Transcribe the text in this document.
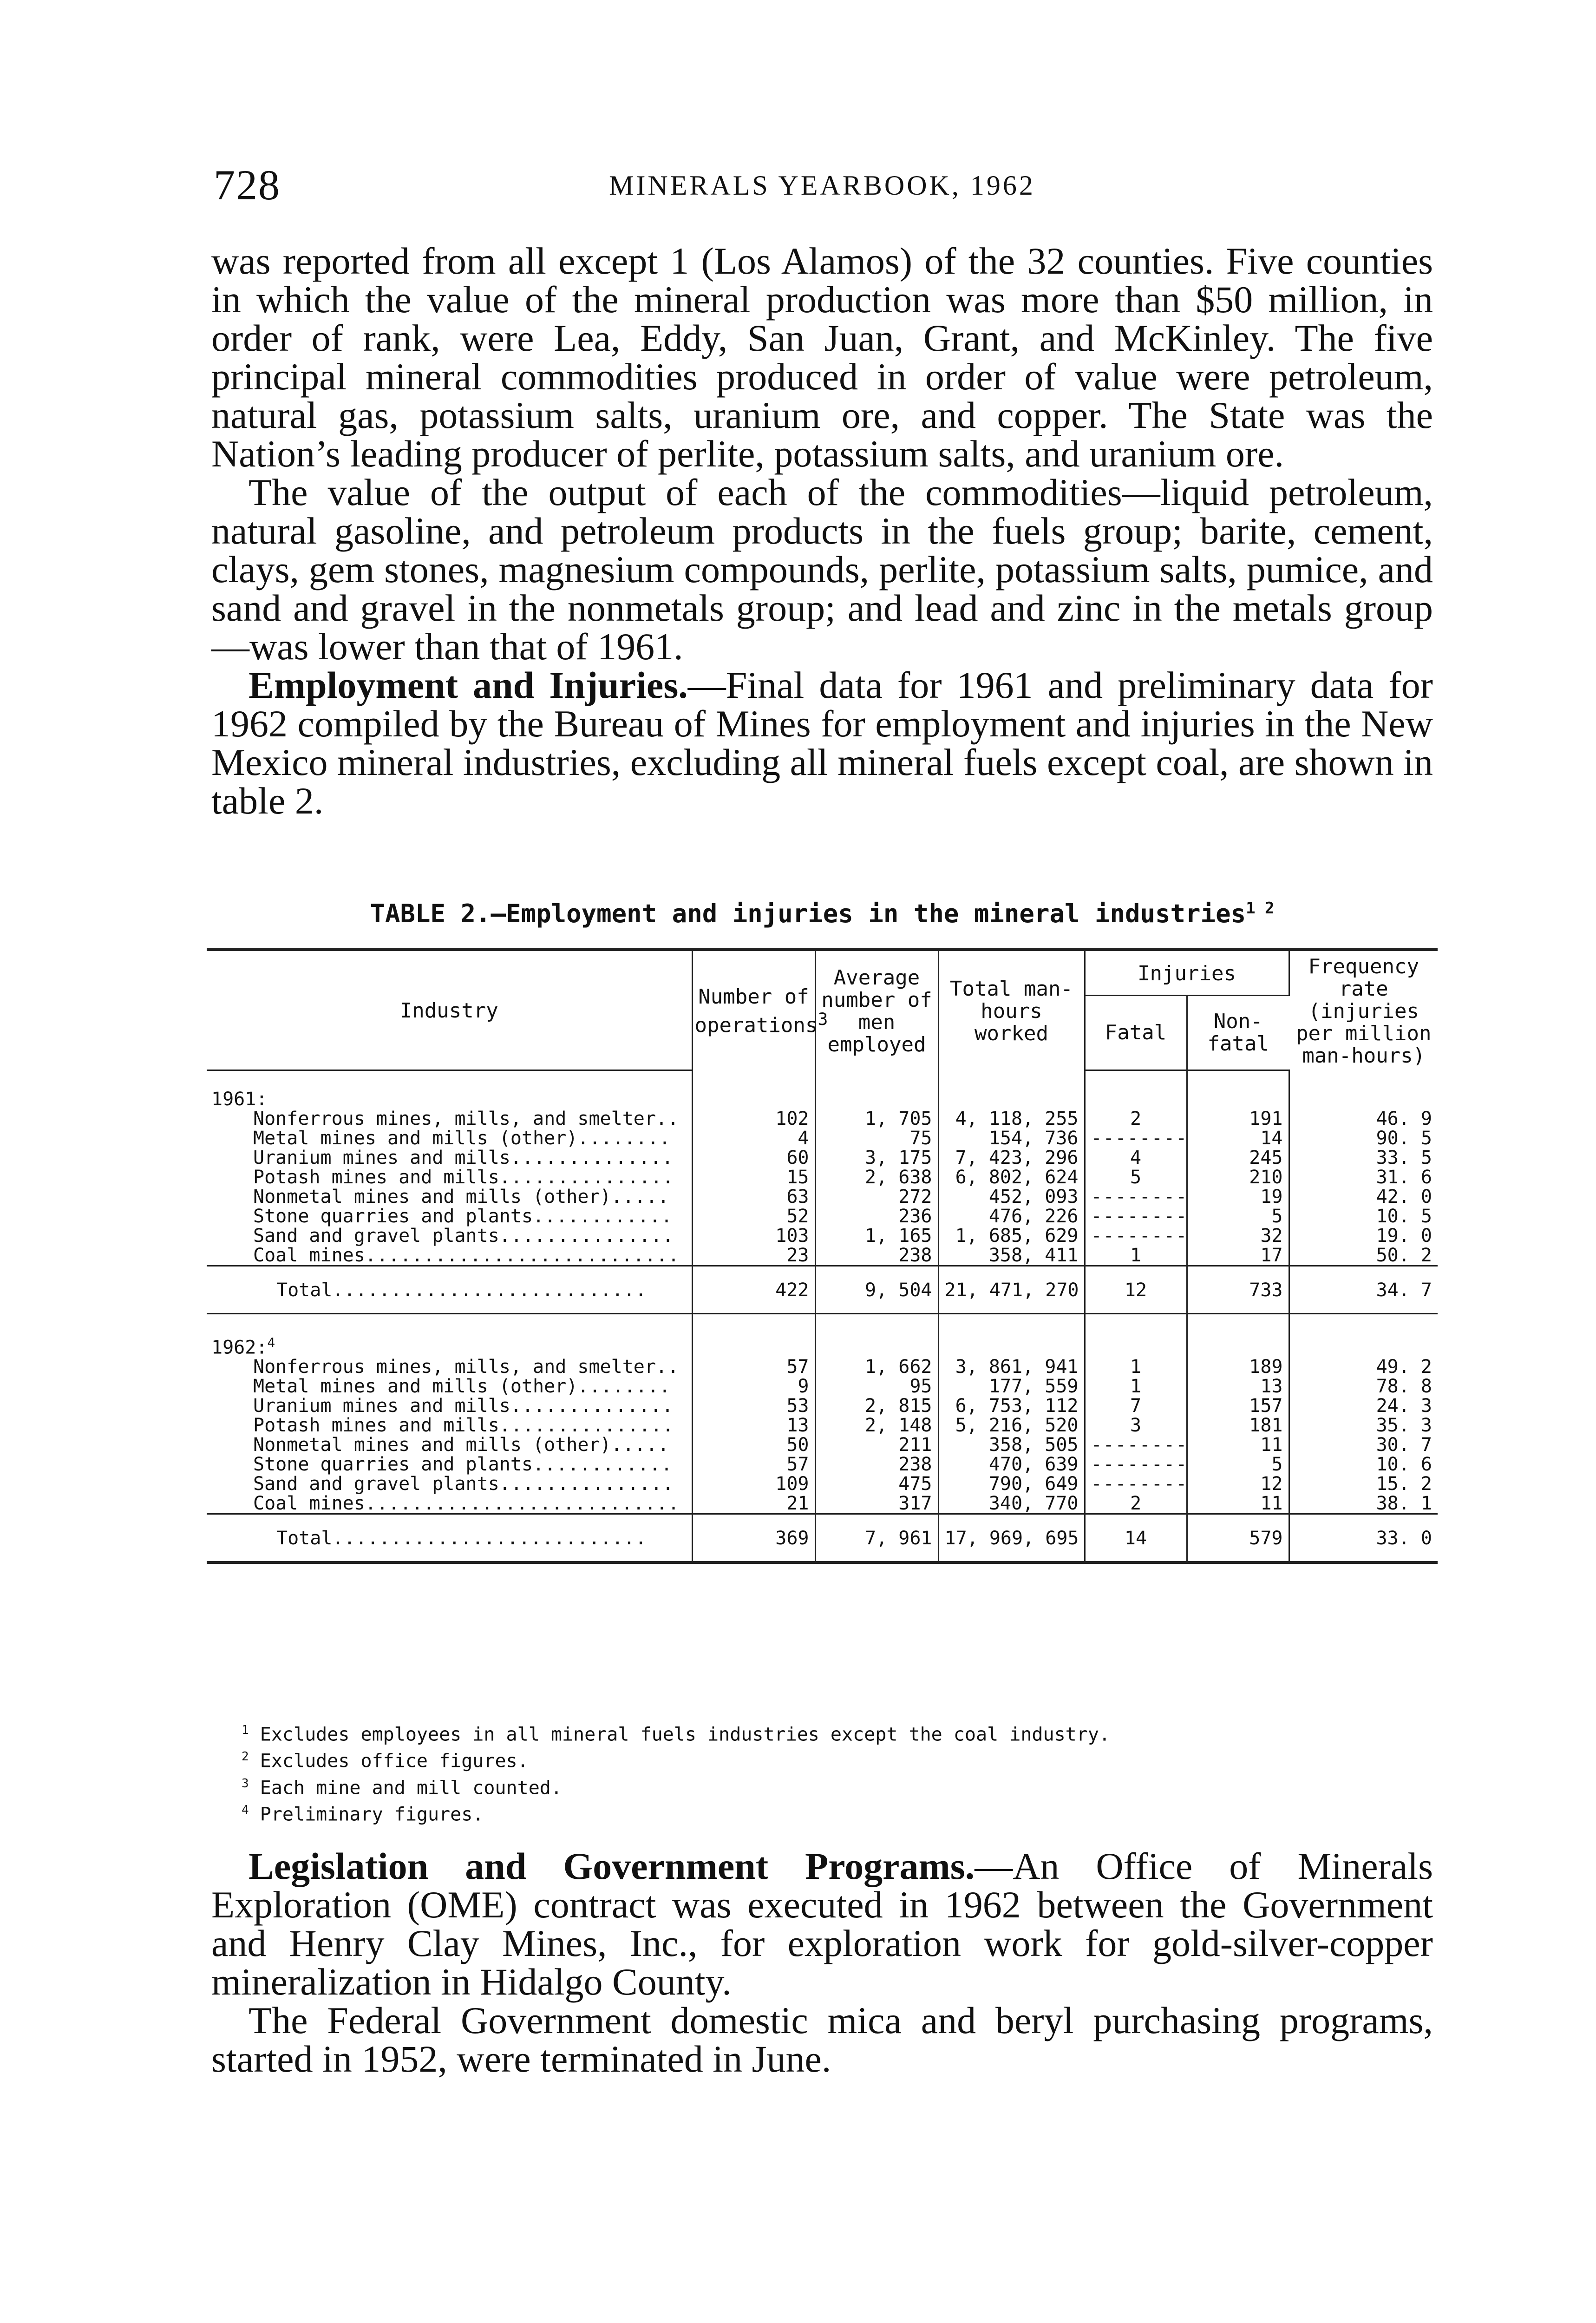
728	MINERALS YEARBOOK, 1962

was reported from all except 1 (Los Alamos) of the 32 counties. Five counties in which the value of the mineral production was more than $50 million, in order of rank, were Lea, Eddy, San Juan, Grant, and McKinley. The five principal mineral commodities produced in order of value were petroleum, natural gas, potassium salts, uranium ore, and copper. The State was the Nation’s leading producer of perlite, potassium salts, and uranium ore.

The value of the output of each of the commodities—liquid petroleum, natural gasoline, and petroleum products in the fuels group; barite, cement, clays, gem stones, magnesium compounds, perlite, potassium salts, pumice, and sand and gravel in the nonmetals group; and lead and zinc in the metals group—was lower than that of 1961.

Employment and Injuries.—Final data for 1961 and preliminary data for 1962 compiled by the Bureau of Mines for employment and injuries in the New Mexico mineral industries, excluding all mineral fuels except coal, are shown in table 2.

TABLE 2.—Employment and injuries in the mineral industries$^{1 2}$
Industry	Number of operations$^3$	Average number of men employed	Total man-hours worked	Injuries		Frequency rate (injuries per million man-hours)
				Fatal	Non-fatal	

1961:						
Nonferrous mines, mills, and smelter..	102	1, 705	4, 118, 255	2	191	46. 9
Metal mines and mills (other)........	4	75	154, 736	--------	14	90. 5
Uranium mines and mills..............	60	3, 175	7, 423, 296	4	245	33. 5
Potash mines and mills...............	15	2, 638	6, 802, 624	5	210	31. 6
Nonmetal mines and mills (other).....	63	272	452, 093	--------	19	42. 0
Stone quarries and plants............	52	236	476, 226	--------	5	10. 5
Sand and gravel plants...............	103	1, 165	1, 685, 629	--------	32	19. 0
Coal mines...........................	23	238	358, 411	1	17	50. 2
Total...........................	422	9, 504	21, 471, 270	12	733	34. 7

1962:$^4$						
Nonferrous mines, mills, and smelter..	57	1, 662	3, 861, 941	1	189	49. 2
Metal mines and mills (other)........	9	95	177, 559	1	13	78. 8
Uranium mines and mills..............	53	2, 815	6, 753, 112	7	157	24. 3
Potash mines and mills...............	13	2, 148	5, 216, 520	3	181	35. 3
Nonmetal mines and mills (other).....	50	211	358, 505	--------	11	30. 7
Stone quarries and plants............	57	238	470, 639	--------	5	10. 6
Sand and gravel plants...............	109	475	790, 649	--------	12	15. 2
Coal mines...........................	21	317	340, 770	2	11	38. 1
Total...........................	369	7, 961	17, 969, 695	14	579	33. 0
$^1$ Excludes employees in all mineral fuels industries except the coal industry.
$^2$ Excludes office figures.
$^3$ Each mine and mill counted.
$^4$ Preliminary figures.

Legislation and Government Programs.—An Office of Minerals Exploration (OME) contract was executed in 1962 between the Government and Henry Clay Mines, Inc., for exploration work for gold-silver-copper mineralization in Hidalgo County.

The Federal Government domestic mica and beryl purchasing programs, started in 1952, were terminated in June.
